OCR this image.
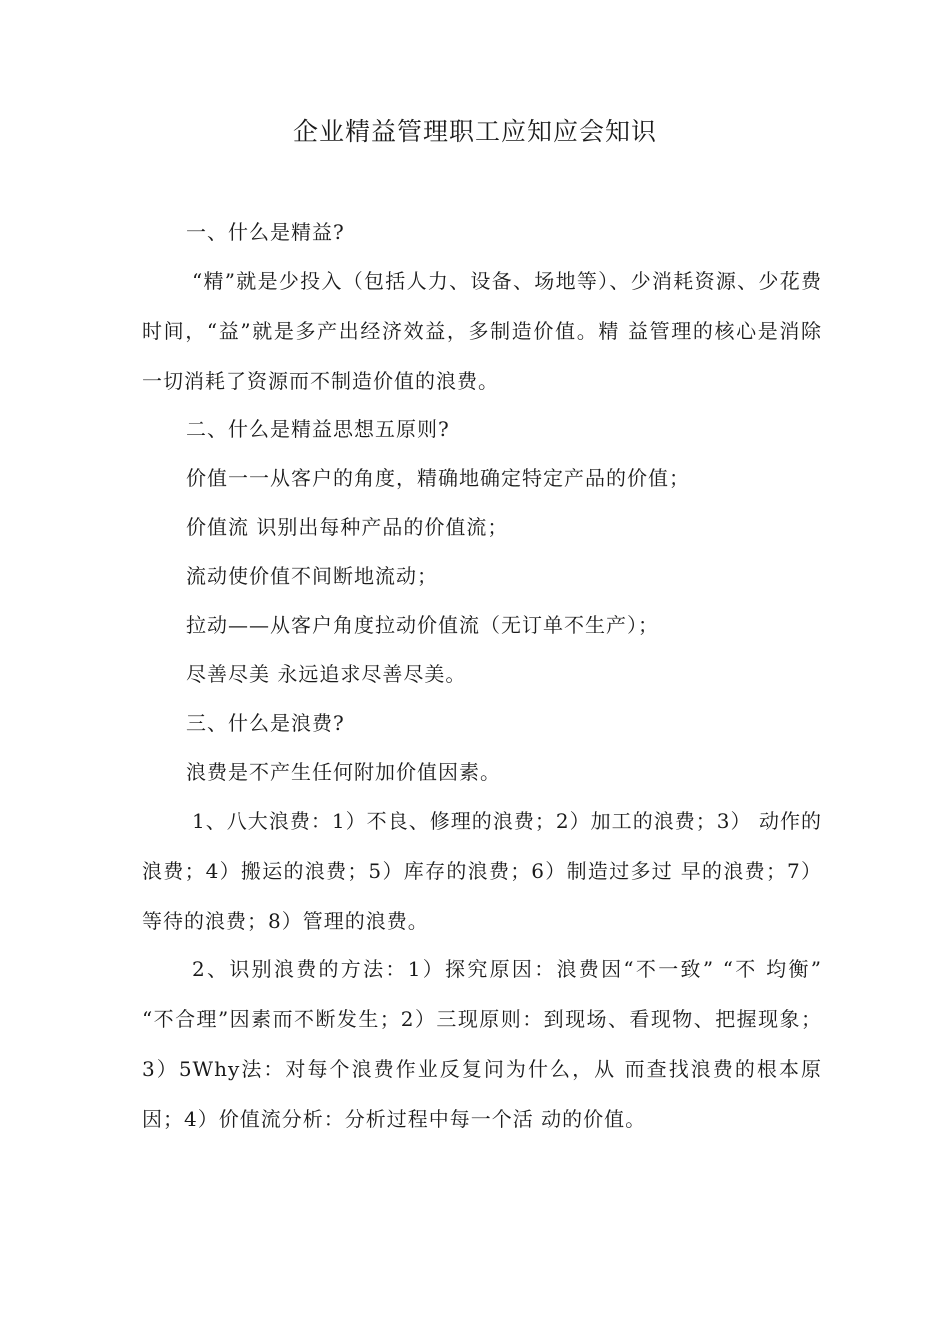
企业精益管理职工应知应会知识
一、什么是精益?
“精”就是少投入（包括人力、设备、场地等）、少消耗资源、少花费时间，“益”就是多产出经济效益，多制造价值。精 益管理的核心是消除一切消耗了资源而不制造价值的浪费。
二、什么是精益思想五原则?
价值一一从客户的角度，精确地确定特定产品的价值；
价值流 识别出每种产品的价值流；
流动使价值不间断地流动；
拉动——从客户角度拉动价值流（无订单不生产）；
尽善尽美 永远追求尽善尽美。
三、什么是浪费?
浪费是不产生任何附加价值因素。
1、八大浪费：1）不良、修理的浪费；2）加工的浪费；3） 动作的浪费；4）搬运的浪费；5）库存的浪费；6）制造过多过 早的浪费；7）等待的浪费；8）管理的浪费。
2、识别浪费的方法：1）探究原因：浪费因“不一致” “不 均衡” “不合理”因素而不断发生；2）三现原则：到现场、看现物、把握现象；3）5Why法：对每个浪费作业反复问为什么，从 而查找浪费的根本原因；4）价值流分析：分析过程中每一个活 动的价值。
